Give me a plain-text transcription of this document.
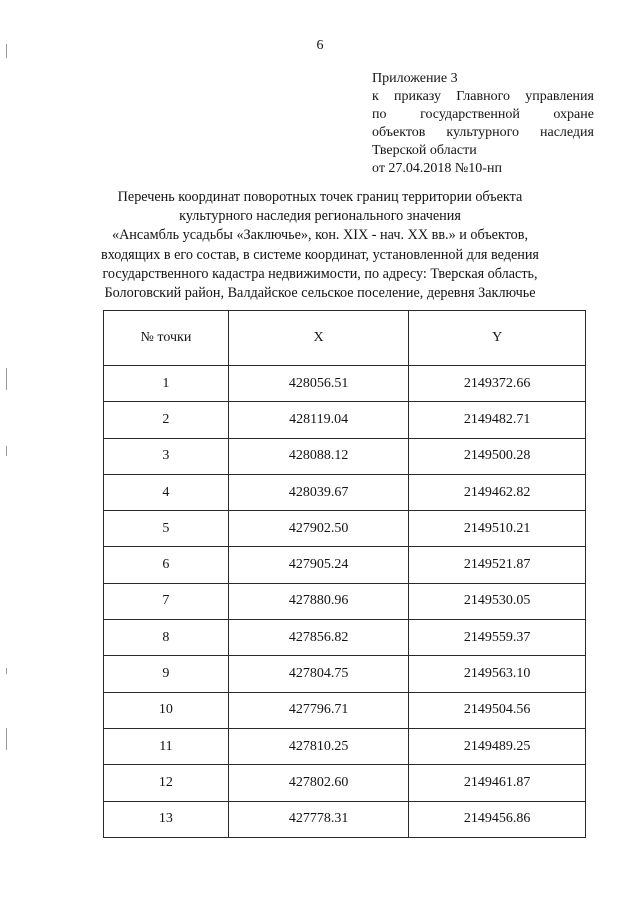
6
Приложение 3
к приказу Главного управления
по государственной охране
объектов культурного наследия
Тверской области
от 27.04.2018 №10-нп
Перечень координат поворотных точек границ территории объекта
культурного наследия регионального значения
«Ансамбль усадьбы «Заключье», кон. XIX - нач. XX вв.» и объектов,
входящих в его состав, в системе координат, установленной для ведения
государственного кадастра недвижимости, по адресу: Тверская область,
Бологовский район, Валдайское сельское поселение, деревня Заключье
№ точки	X	Y
1	428056.51	2149372.66
2	428119.04	2149482.71
3	428088.12	2149500.28
4	428039.67	2149462.82
5	427902.50	2149510.21
6	427905.24	2149521.87
7	427880.96	2149530.05
8	427856.82	2149559.37
9	427804.75	2149563.10
10	427796.71	2149504.56
11	427810.25	2149489.25
12	427802.60	2149461.87
13	427778.31	2149456.86
